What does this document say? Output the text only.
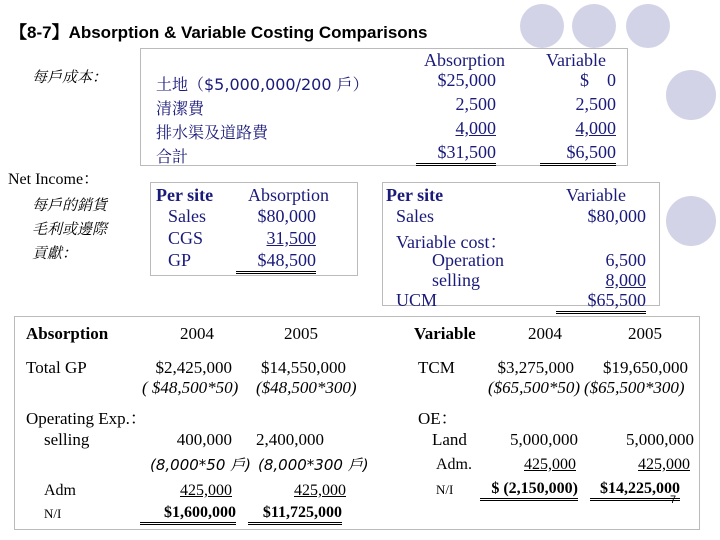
【8-7】Absorption & Variable Costing Comparisons
每戶成本：
Absorption Variable
土地（$5,000,000/200 戶）	$25,000	$    0
清潔費	2,500	2,500
排水渠及道路費	4,000	4,000
合計	$31,500	$6,500
Net Income：
每戶的銷貨
毛利或邊際
貢獻：
Per site Absorption
Sales	$80,000
CGS	31,500
GP	$48,500
Per site	Variable
Sales	$80,000
Variable cost：
Operation	6,500
selling	8,000
UCM	$65,500
Absorption	2004	2005
Total GP	$2,425,000	$14,550,000
( $48,500*50) ($48,500*300)
Operating Exp.：
selling	400,000	2,400,000
(8,000*50 戶) (8,000*300 戶)
Adm	425,000	425,000
N/I	$1,600,000	$11,725,000
Variable	2004	2005
TCM	$3,275,000	$19,650,000
($65,500*50) ($65,500*300)
OE：
Land	5,000,000	5,000,000
Adm.	425,000	425,000
N/I	$ (2,150,000)	$14,225,000
7
